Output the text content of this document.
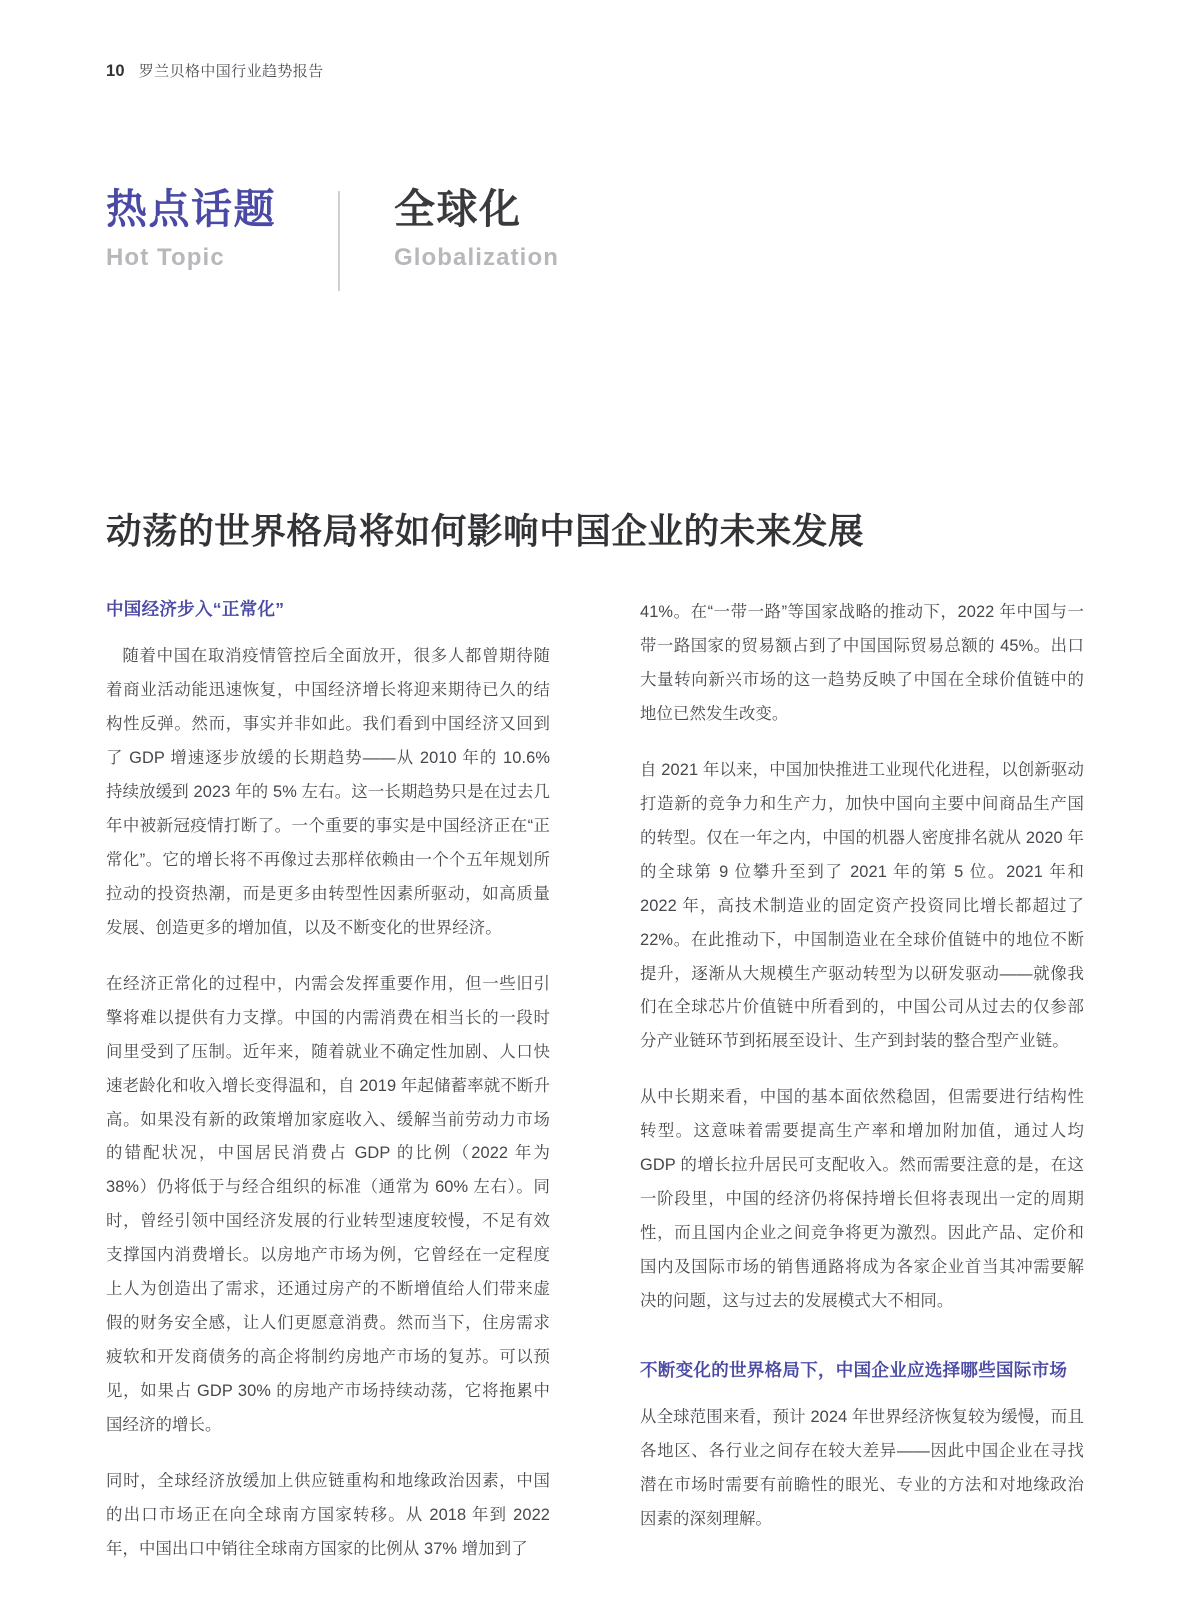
10 罗兰贝格中国行业趋势报告
热点话题
Hot Topic
全球化
Globalization
动荡的世界格局将如何影响中国企业的未来发展
中国经济步入“正常化”

随着中国在取消疫情管控后全面放开，很多人都曾期待随着商业活动能迅速恢复，中国经济增长将迎来期待已久的结构性反弹。然而，事实并非如此。我们看到中国经济又回到了 GDP 增速逐步放缓的长期趋势——从 2010 年的 10.6% 持续放缓到 2023 年的 5% 左右。这一长期趋势只是在过去几年中被新冠疫情打断了。一个重要的事实是中国经济正在“正常化”。它的增长将不再像过去那样依赖由一个个五年规划所拉动的投资热潮，而是更多由转型性因素所驱动，如高质量发展、创造更多的增加值，以及不断变化的世界经济。

在经济正常化的过程中，内需会发挥重要作用，但一些旧引擎将难以提供有力支撑。中国的内需消费在相当长的一段时间里受到了压制。近年来，随着就业不确定性加剧、人口快速老龄化和收入增长变得温和，自 2019 年起储蓄率就不断升高。如果没有新的政策增加家庭收入、缓解当前劳动力市场的错配状况，中国居民消费占 GDP 的比例（2022 年为 38%）仍将低于与经合组织的标准（通常为 60% 左右）。同时，曾经引领中国经济发展的行业转型速度较慢，不足有效支撑国内消费增长。以房地产市场为例，它曾经在一定程度上人为创造出了需求，还通过房产的不断增值给人们带来虚假的财务安全感，让人们更愿意消费。然而当下，住房需求疲软和开发商债务的高企将制约房地产市场的复苏。可以预见，如果占 GDP 30% 的房地产市场持续动荡，它将拖累中国经济的增长。

同时，全球经济放缓加上供应链重构和地缘政治因素，中国的出口市场正在向全球南方国家转移。从 2018 年到 2022 年，中国出口中销往全球南方国家的比例从 37% 增加到了

41%。在“一带一路”等国家战略的推动下，2022 年中国与一带一路国家的贸易额占到了中国国际贸易总额的 45%。出口大量转向新兴市场的这一趋势反映了中国在全球价值链中的地位已然发生改变。

自 2021 年以来，中国加快推进工业现代化进程，以创新驱动打造新的竞争力和生产力，加快中国向主要中间商品生产国的转型。仅在一年之内，中国的机器人密度排名就从 2020 年的全球第 9 位攀升至到了 2021 年的第 5 位。2021 年和 2022 年，高技术制造业的固定资产投资同比增长都超过了 22%。在此推动下，中国制造业在全球价值链中的地位不断提升，逐渐从大规模生产驱动转型为以研发驱动——就像我们在全球芯片价值链中所看到的，中国公司从过去的仅参部分产业链环节到拓展至设计、生产到封装的整合型产业链。

从中长期来看，中国的基本面依然稳固，但需要进行结构性转型。这意味着需要提高生产率和增加附加值，通过人均 GDP 的增长拉升居民可支配收入。然而需要注意的是，在这一阶段里，中国的经济仍将保持增长但将表现出一定的周期性，而且国内企业之间竞争将更为激烈。因此产品、定价和国内及国际市场的销售通路将成为各家企业首当其冲需要解决的问题，这与过去的发展模式大不相同。

不断变化的世界格局下，中国企业应选择哪些国际市场

从全球范围来看，预计 2024 年世界经济恢复较为缓慢，而且各地区、各行业之间存在较大差异——因此中国企业在寻找潜在市场时需要有前瞻性的眼光、专业的方法和对地缘政治因素的深刻理解。
